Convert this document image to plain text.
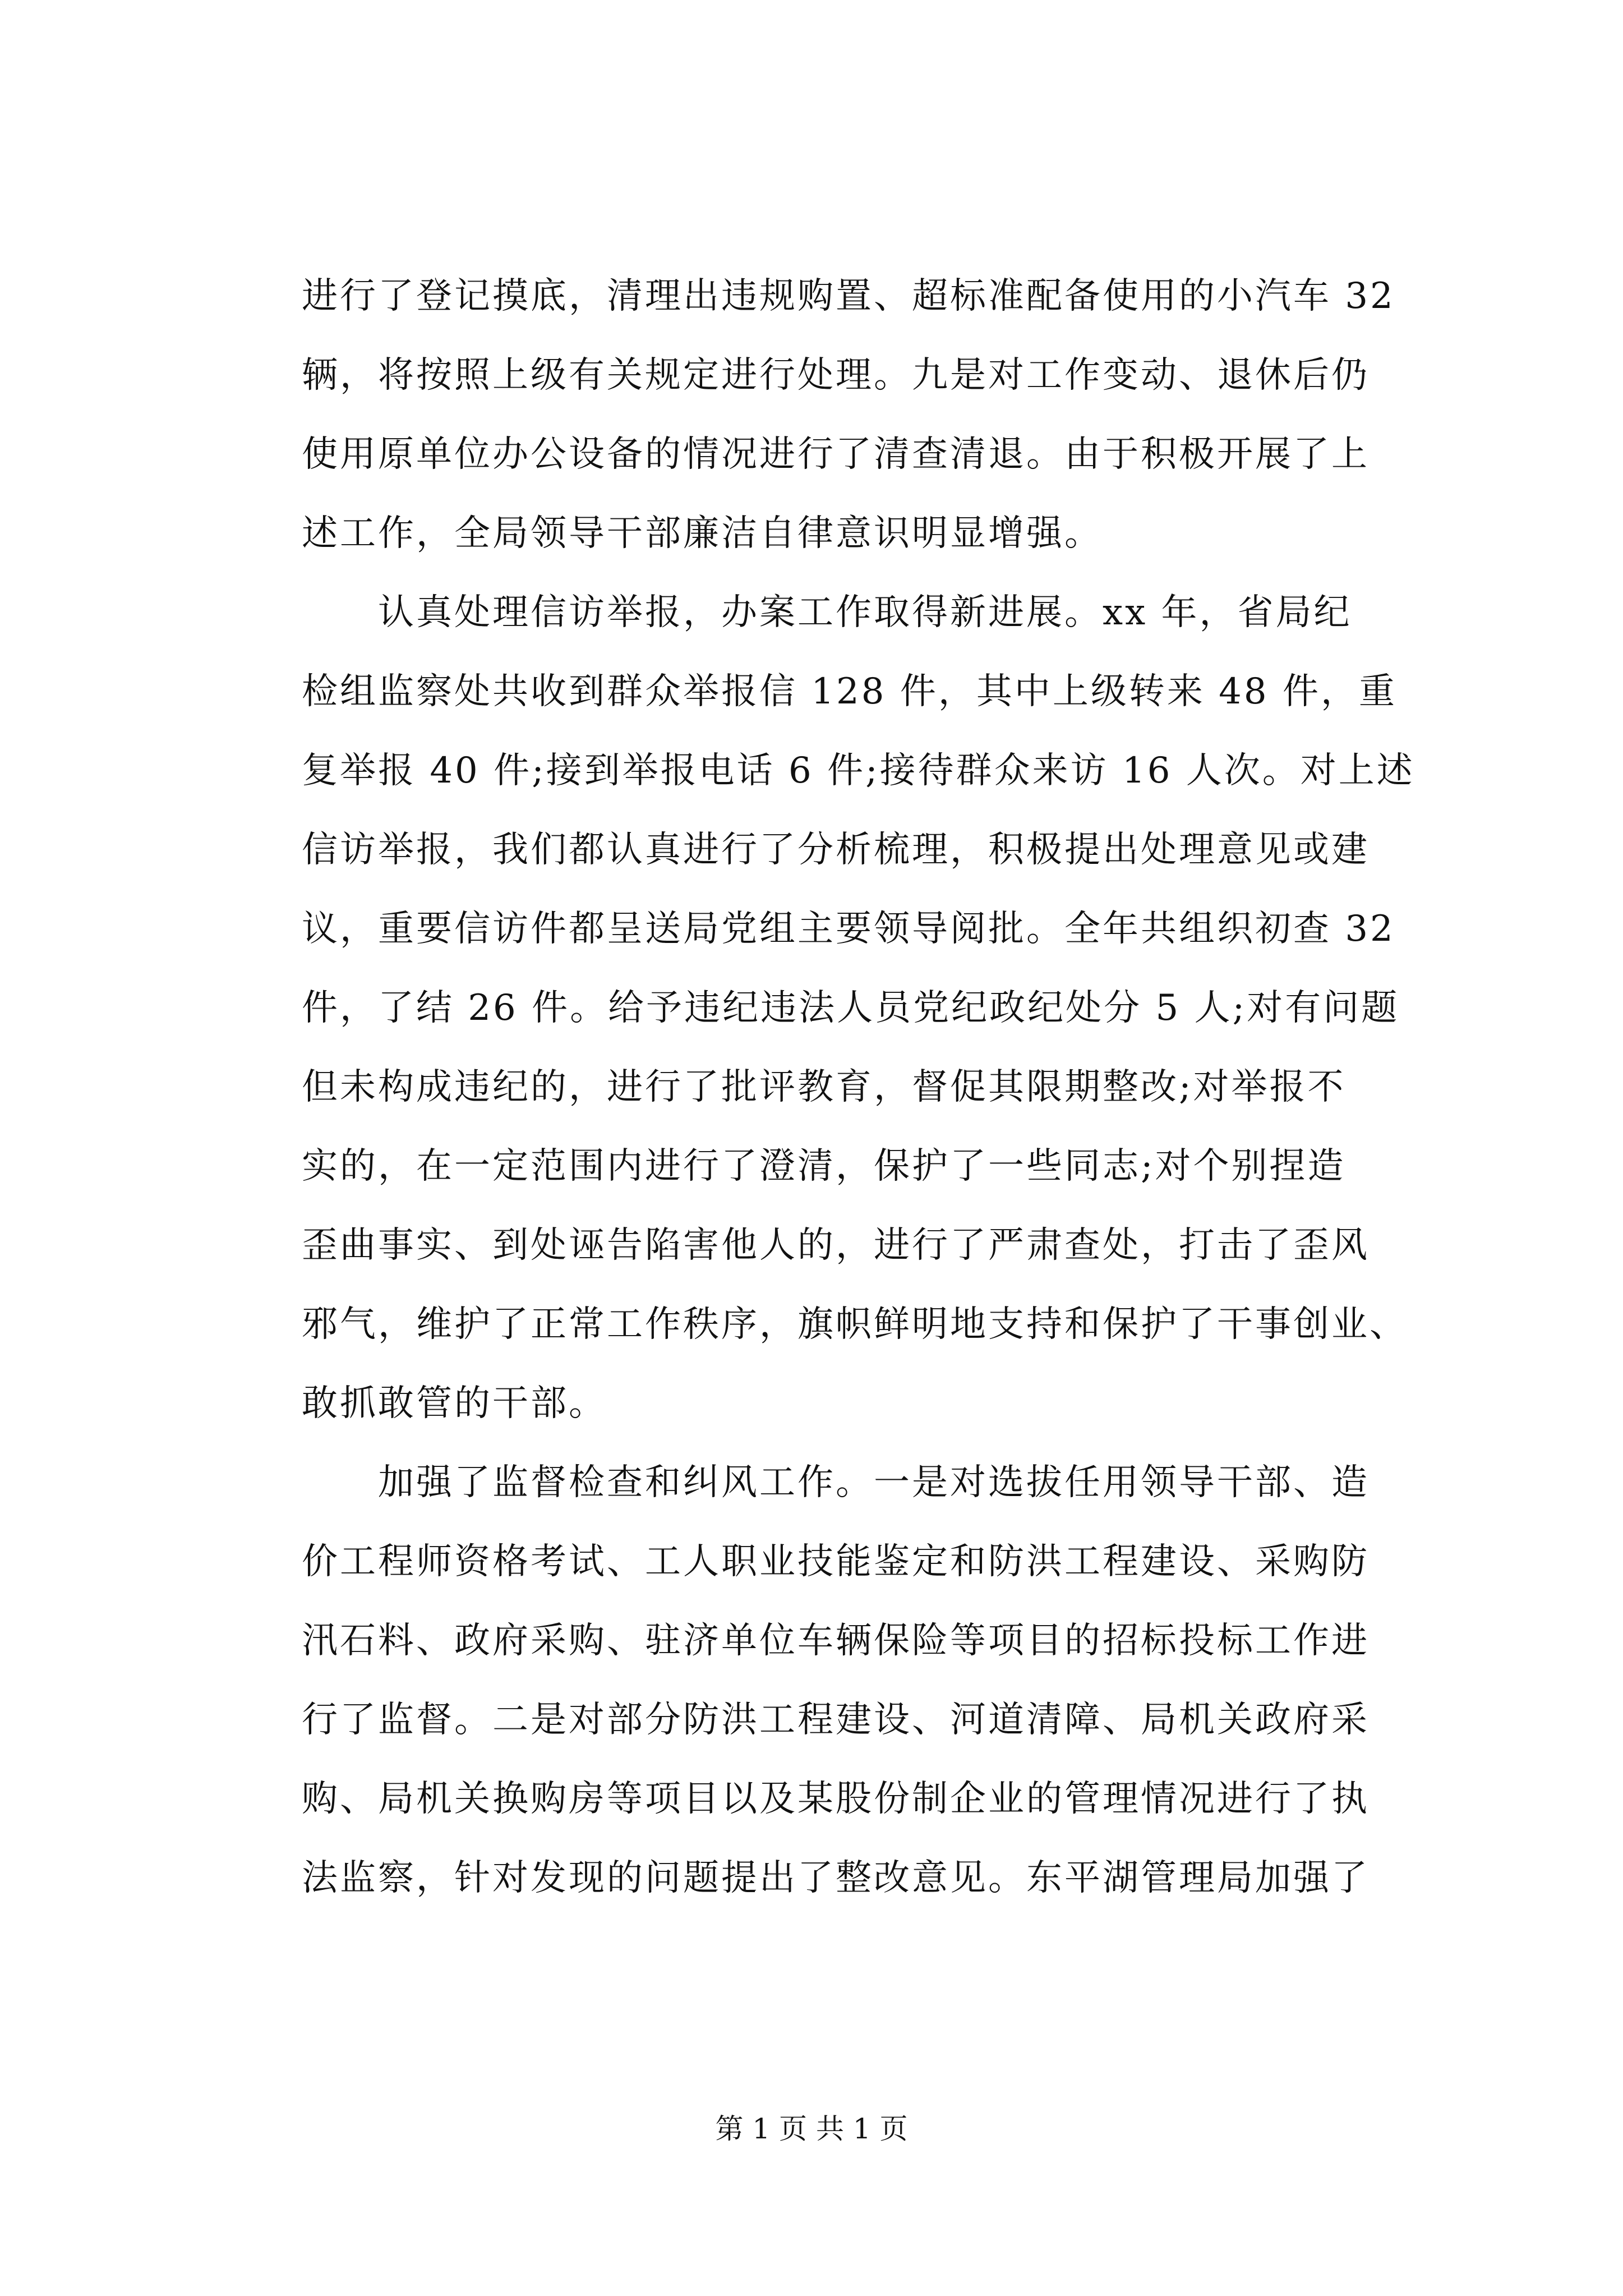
进行了登记摸底，清理出违规购置、超标准配备使用的小汽车 32
辆，将按照上级有关规定进行处理。九是对工作变动、退休后仍
使用原单位办公设备的情况进行了清查清退。由于积极开展了上
述工作，全局领导干部廉洁自律意识明显增强。
　　认真处理信访举报，办案工作取得新进展。xx 年，省局纪
检组监察处共收到群众举报信 128 件，其中上级转来 48 件，重
复举报 40 件;接到举报电话 6 件;接待群众来访 16 人次。对上述
信访举报，我们都认真进行了分析梳理，积极提出处理意见或建
议，重要信访件都呈送局党组主要领导阅批。全年共组织初查 32
件，了结 26 件。给予违纪违法人员党纪政纪处分 5 人;对有问题
但未构成违纪的，进行了批评教育，督促其限期整改;对举报不
实的，在一定范围内进行了澄清，保护了一些同志;对个别捏造
歪曲事实、到处诬告陷害他人的，进行了严肃查处，打击了歪风
邪气，维护了正常工作秩序，旗帜鲜明地支持和保护了干事创业、
敢抓敢管的干部。
　　加强了监督检查和纠风工作。一是对选拔任用领导干部、造
价工程师资格考试、工人职业技能鉴定和防洪工程建设、采购防
汛石料、政府采购、驻济单位车辆保险等项目的招标投标工作进
行了监督。二是对部分防洪工程建设、河道清障、局机关政府采
购、局机关换购房等项目以及某股份制企业的管理情况进行了执
法监察，针对发现的问题提出了整改意见。东平湖管理局加强了
第 1 页 共 1 页
